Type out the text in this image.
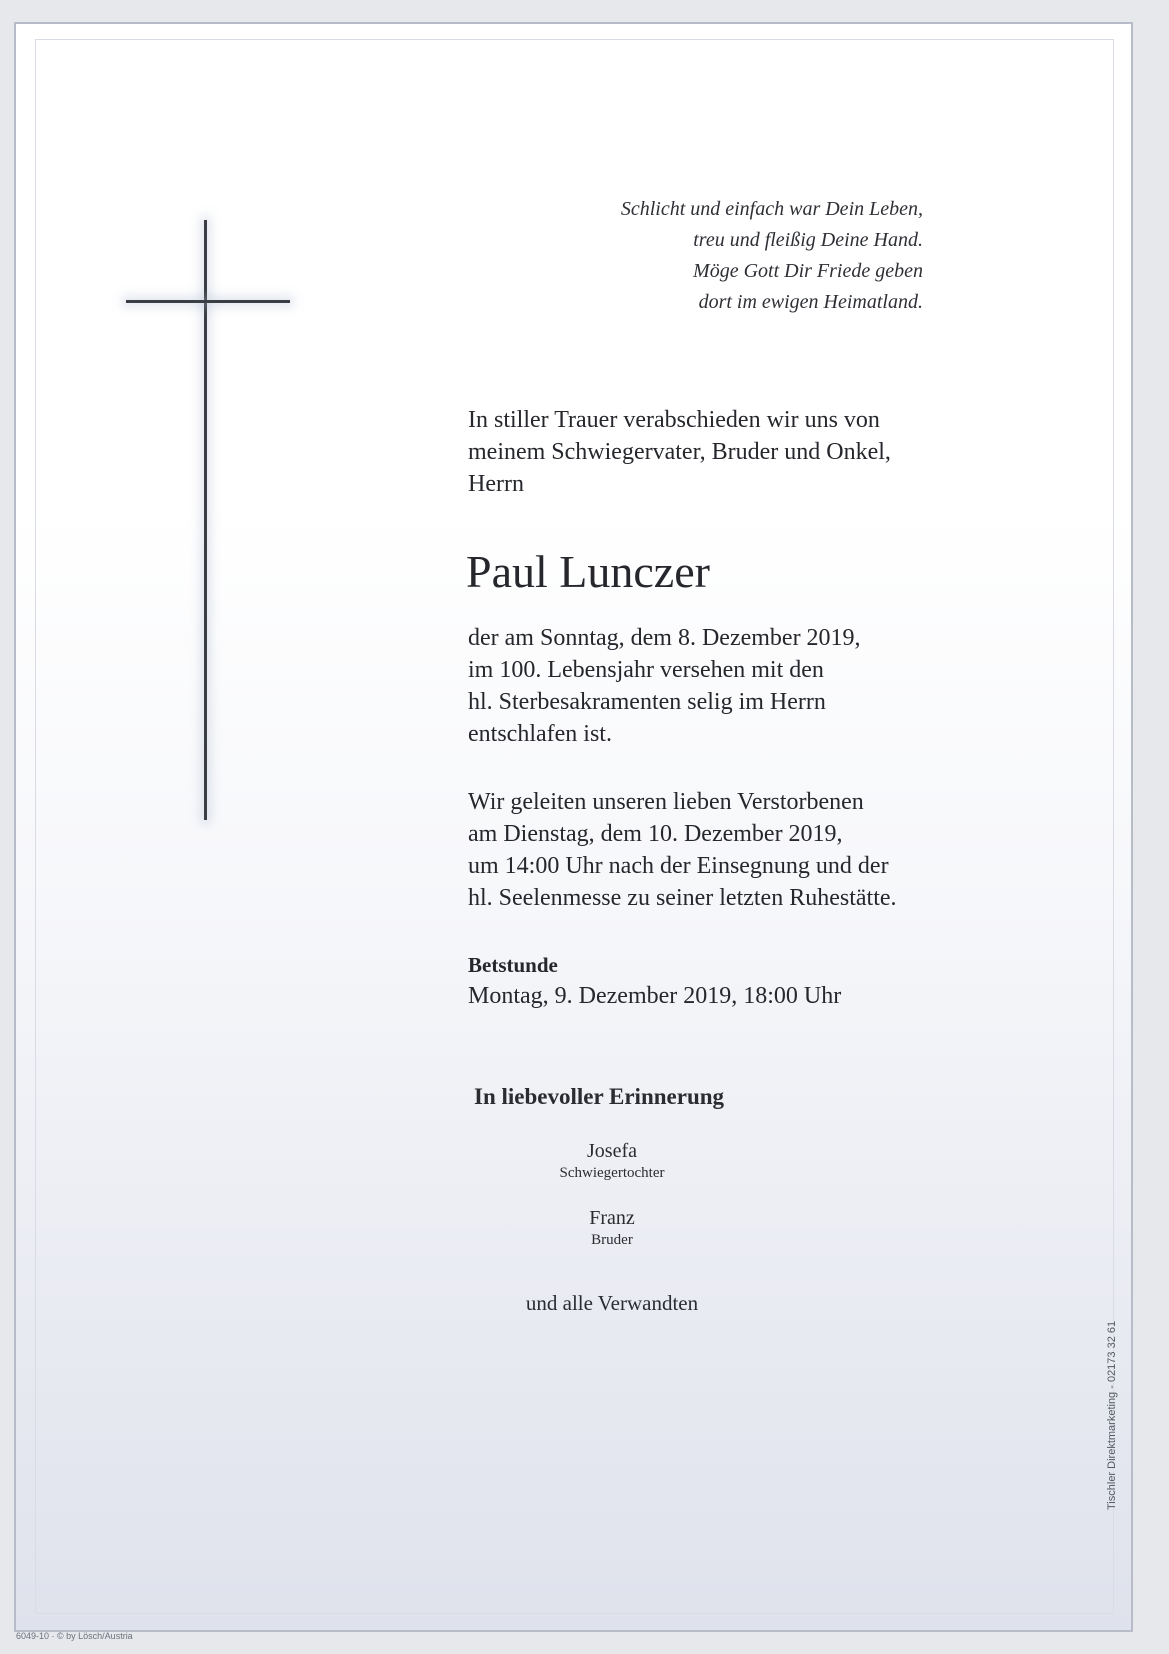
Schlicht und einfach war Dein Leben,
treu und fleißig Deine Hand.
Möge Gott Dir Friede geben
dort im ewigen Heimatland.
In stiller Trauer verabschieden wir uns von
meinem Schwiegervater, Bruder und Onkel,
Herrn
Paul Lunczer
der am Sonntag, dem 8. Dezember 2019,
im 100. Lebensjahr versehen mit den
hl. Sterbesakramenten selig im Herrn
entschlafen ist.
Wir geleiten unseren lieben Verstorbenen
am Dienstag, dem 10. Dezember 2019,
um 14:00 Uhr nach der Einsegnung und der
hl. Seelenmesse zu seiner letzten Ruhestätte.
Betstunde
Montag, 9. Dezember 2019, 18:00 Uhr
In liebevoller Erinnerung
Josefa
Schwiegertochter
Franz
Bruder
und alle Verwandten
Tischler Direktmarketing - 02173 32 61
6049-10 · © by Lösch/Austria
